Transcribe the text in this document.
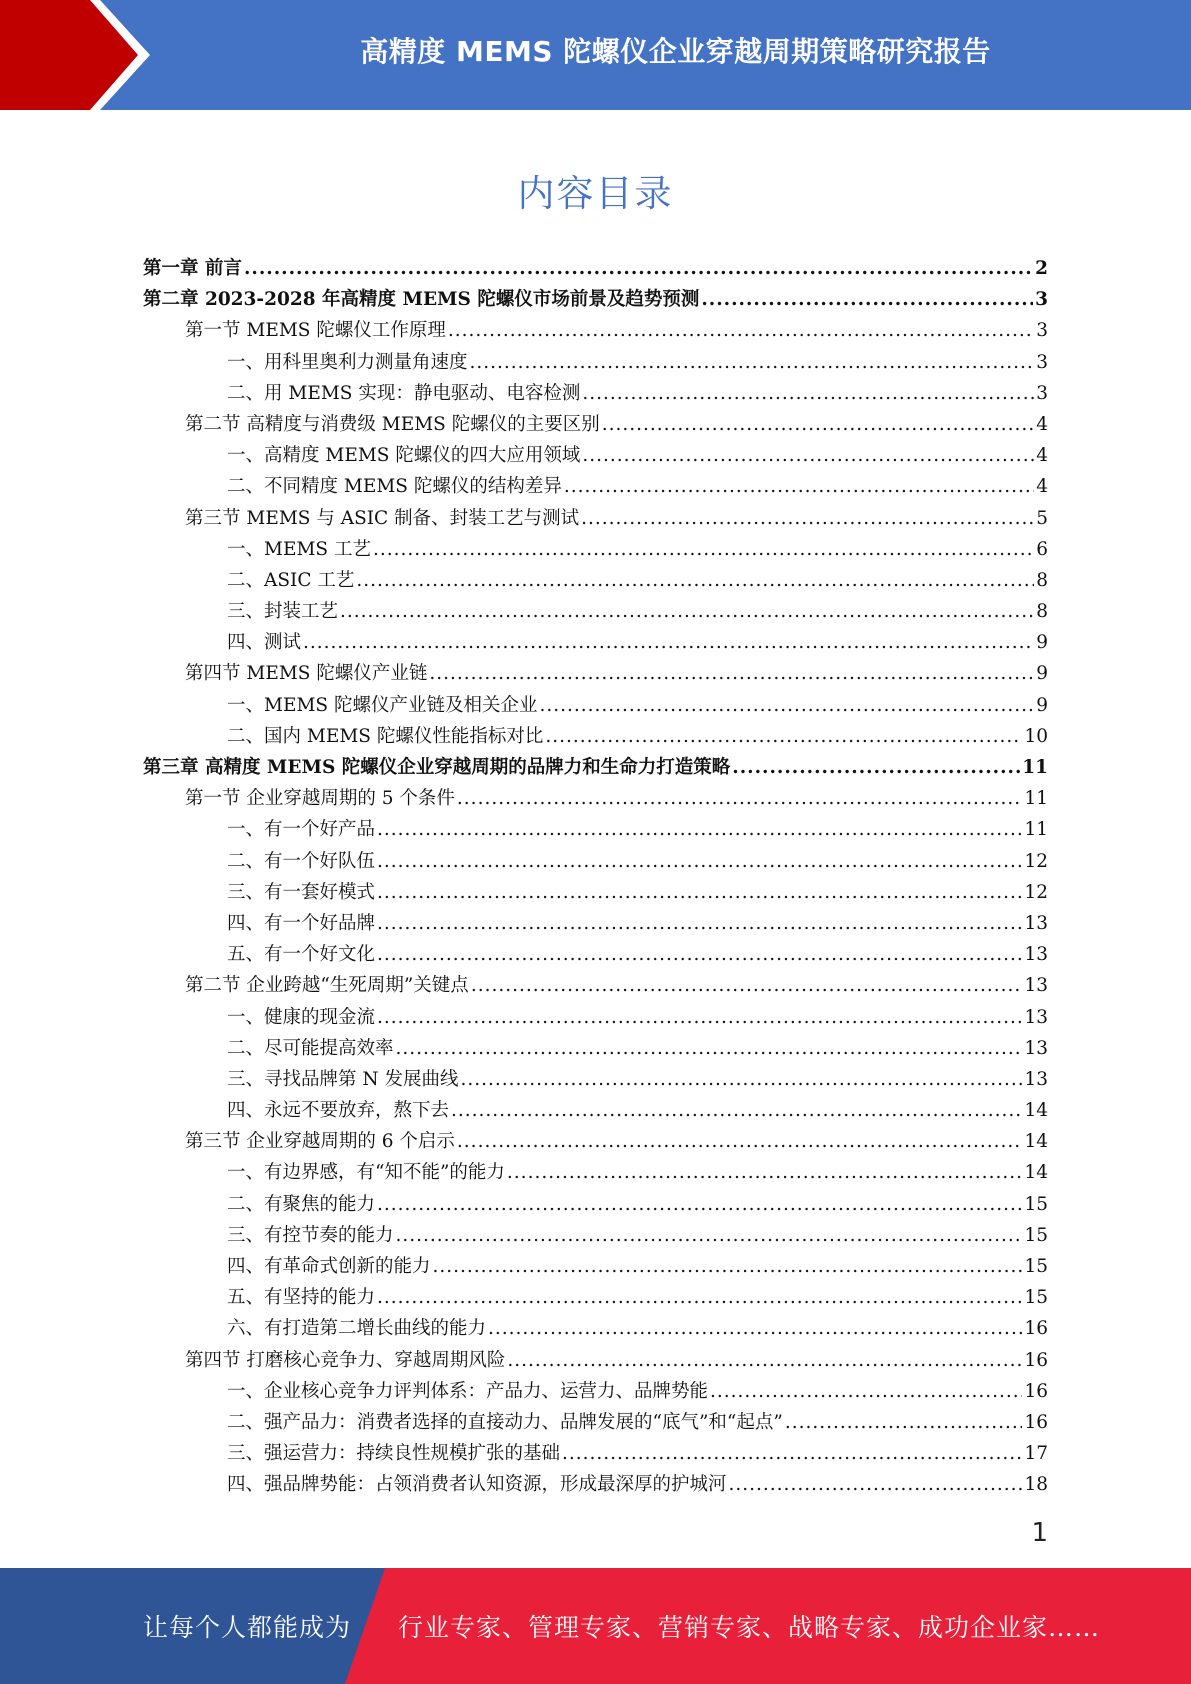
高精度 MEMS 陀螺仪企业穿越周期策略研究报告
内容目录
第一章 前言 .....	2
第二章 2023-2028 年高精度 MEMS 陀螺仪市场前景及趋势预测 .....	3
第一节 MEMS 陀螺仪工作原理 .....	3
一、用科里奥利力测量角速度 .....	3
二、用 MEMS 实现：静电驱动、电容检测 .....	3
第二节 高精度与消费级 MEMS 陀螺仪的主要区别 .....	4
一、高精度 MEMS 陀螺仪的四大应用领域 .....	4
二、不同精度 MEMS 陀螺仪的结构差异 .....	4
第三节 MEMS 与 ASIC 制备、封装工艺与测试 .....	5
一、MEMS 工艺 .....	6
二、ASIC 工艺 .....	8
三、封装工艺 .....	8
四、测试 .....	9
第四节 MEMS 陀螺仪产业链 .....	9
一、MEMS 陀螺仪产业链及相关企业 .....	9
二、国内 MEMS 陀螺仪性能指标对比 .....	10
第三章 高精度 MEMS 陀螺仪企业穿越周期的品牌力和生命力打造策略 .....	11
第一节 企业穿越周期的 5 个条件 .....	11
一、有一个好产品 .....	11
二、有一个好队伍 .....	12
三、有一套好模式 .....	12
四、有一个好品牌 .....	13
五、有一个好文化 .....	13
第二节 企业跨越“生死周期”关键点 .....	13
一、健康的现金流 .....	13
二、尽可能提高效率 .....	13
三、寻找品牌第 N 发展曲线 .....	13
四、永远不要放弃，熬下去 .....	14
第三节 企业穿越周期的 6 个启示 .....	14
一、有边界感，有“知不能”的能力 .....	14
二、有聚焦的能力 .....	15
三、有控节奏的能力 .....	15
四、有革命式创新的能力 .....	15
五、有坚持的能力 .....	15
六、有打造第二增长曲线的能力 .....	16
第四节 打磨核心竞争力、穿越周期风险 .....	16
一、企业核心竞争力评判体系：产品力、运营力、品牌势能 .....	16
二、强产品力：消费者选择的直接动力、品牌发展的“底气”和“起点” .....	16
三、强运营力：持续良性规模扩张的基础 .....	17
四、强品牌势能：占领消费者认知资源，形成最深厚的护城河 .....	18
1
让每个人都能成为 行业专家、管理专家、营销专家、战略专家、成功企业家……
